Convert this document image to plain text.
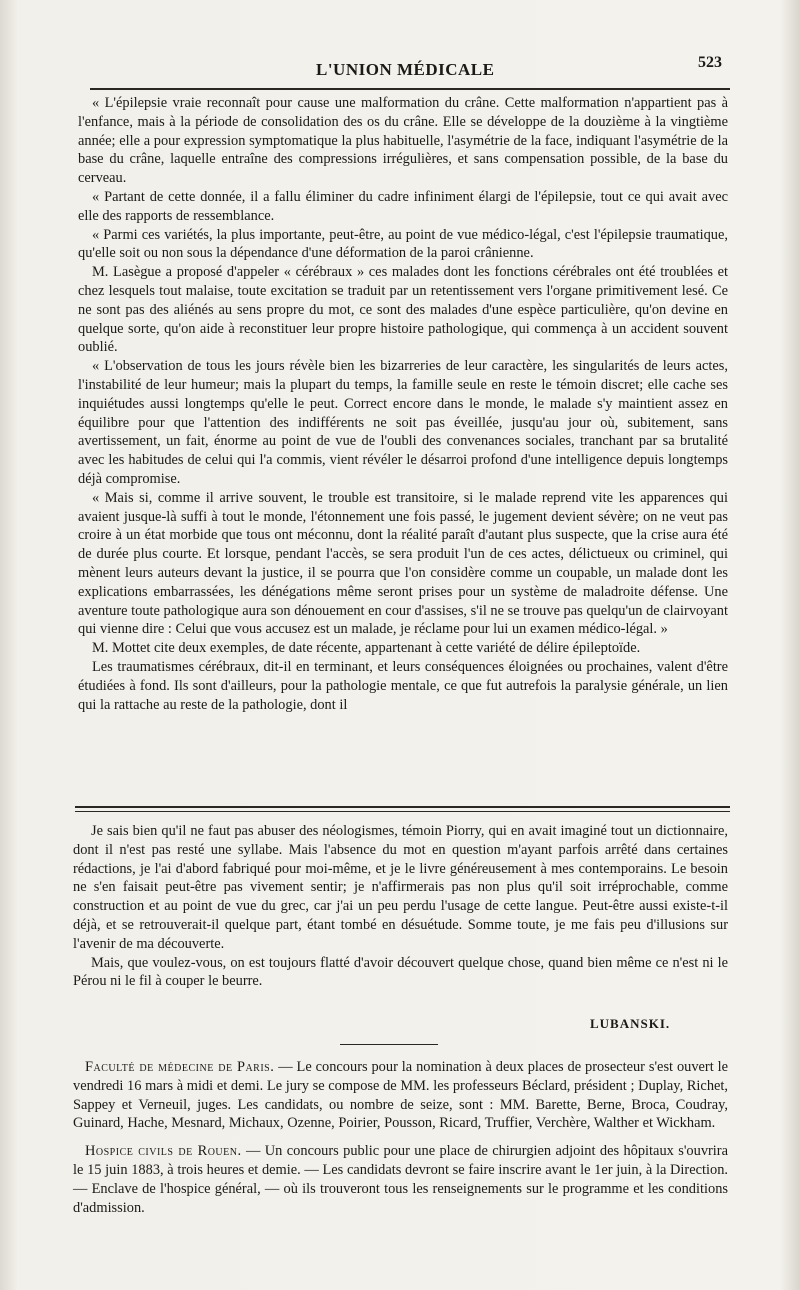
L'UNION MÉDICALE	523

« L'épilepsie vraie reconnaît pour cause une malformation du crâne. Cette malformation n'appartient pas à l'enfance, mais à la période de consolidation des os du crâne. Elle se développe de la douzième à la vingtième année; elle a pour expression symptomatique la plus habituelle, l'asymétrie de la face, indiquant l'asymétrie de la base du crâne, laquelle entraîne des compressions irrégulières, et sans compensation possible, de la base du cerveau.

« Partant de cette donnée, il a fallu éliminer du cadre infiniment élargi de l'épilepsie, tout ce qui avait avec elle des rapports de ressemblance.

« Parmi ces variétés, la plus importante, peut-être, au point de vue médico-légal, c'est l'épilepsie traumatique, qu'elle soit ou non sous la dépendance d'une déformation de la paroi crânienne.

M. Lasègue a proposé d'appeler « cérébraux » ces malades dont les fonctions cérébrales ont été troublées et chez lesquels tout malaise, toute excitation se traduit par un retentissement vers l'organe primitivement lesé. Ce ne sont pas des aliénés au sens propre du mot, ce sont des malades d'une espèce particulière, qu'on devine en quelque sorte, qu'on aide à reconstituer leur propre histoire pathologique, qui commença à un accident souvent oublié.

« L'observation de tous les jours révèle bien les bizarreries de leur caractère, les singularités de leurs actes, l'instabilité de leur humeur; mais la plupart du temps, la famille seule en reste le témoin discret; elle cache ses inquiétudes aussi longtemps qu'elle le peut. Correct encore dans le monde, le malade s'y maintient assez en équilibre pour que l'attention des indifférents ne soit pas éveillée, jusqu'au jour où, subitement, sans avertissement, un fait, énorme au point de vue de l'oubli des convenances sociales, tranchant par sa brutalité avec les habitudes de celui qui l'a commis, vient révéler le désarroi profond d'une intelligence depuis longtemps déjà compromise.

« Mais si, comme il arrive souvent, le trouble est transitoire, si le malade reprend vite les apparences qui avaient jusque-là suffi à tout le monde, l'étonnement une fois passé, le jugement devient sévère; on ne veut pas croire à un état morbide que tous ont méconnu, dont la réalité paraît d'autant plus suspecte, que la crise aura été de durée plus courte. Et lorsque, pendant l'accès, se sera produit l'un de ces actes, délictueux ou criminel, qui mènent leurs auteurs devant la justice, il se pourra que l'on considère comme un coupable, un malade dont les explications embarrassées, les dénégations même seront prises pour un système de maladroite défense. Une aventure toute pathologique aura son dénouement en cour d'assises, s'il ne se trouve pas quelqu'un de clairvoyant qui vienne dire : Celui que vous accusez est un malade, je réclame pour lui un examen médico-légal. »

M. Mottet cite deux exemples, de date récente, appartenant à cette variété de délire épileptoïde.

Les traumatismes cérébraux, dit-il en terminant, et leurs conséquences éloignées ou prochaines, valent d'être étudiées à fond. Ils sont d'ailleurs, pour la pathologie mentale, ce que fut autrefois la paralysie générale, un lien qui la rattache au reste de la pathologie, dont il

Je sais bien qu'il ne faut pas abuser des néologismes, témoin Piorry, qui en avait imaginé tout un dictionnaire, dont il n'est pas resté une syllabe. Mais l'absence du mot en question m'ayant parfois arrêté dans certaines rédactions, je l'ai d'abord fabriqué pour moi-même, et je le livre généreusement à mes contemporains. Le besoin ne s'en faisait peut-être pas vivement sentir; je n'affirmerais pas non plus qu'il soit irréprochable, comme construction et au point de vue du grec, car j'ai un peu perdu l'usage de cette langue. Peut-être aussi existe-t-il déjà, et se retrouverait-il quelque part, étant tombé en désuétude. Somme toute, je me fais peu d'illusions sur l'avenir de ma découverte.

Mais, que voulez-vous, on est toujours flatté d'avoir découvert quelque chose, quand bien même ce n'est ni le Pérou ni le fil à couper le beurre.

LUBANSKI.

Faculté de médecine de Paris. — Le concours pour la nomination à deux places de prosecteur s'est ouvert le vendredi 16 mars à midi et demi. Le jury se compose de MM. les professeurs Béclard, président ; Duplay, Richet, Sappey et Verneuil, juges. Les candidats, ou nombre de seize, sont : MM. Barette, Berne, Broca, Coudray, Guinard, Hache, Mesnard, Michaux, Ozenne, Poirier, Pousson, Ricard, Truffier, Verchère, Walther et Wickham.

Hospice civils de Rouen. — Un concours public pour une place de chirurgien adjoint des hôpitaux s'ouvrira le 15 juin 1883, à trois heures et demie. — Les candidats devront se faire inscrire avant le 1er juin, à la Direction. — Enclave de l'hospice général, — où ils trouveront tous les renseignements sur le programme et les conditions d'admission.
